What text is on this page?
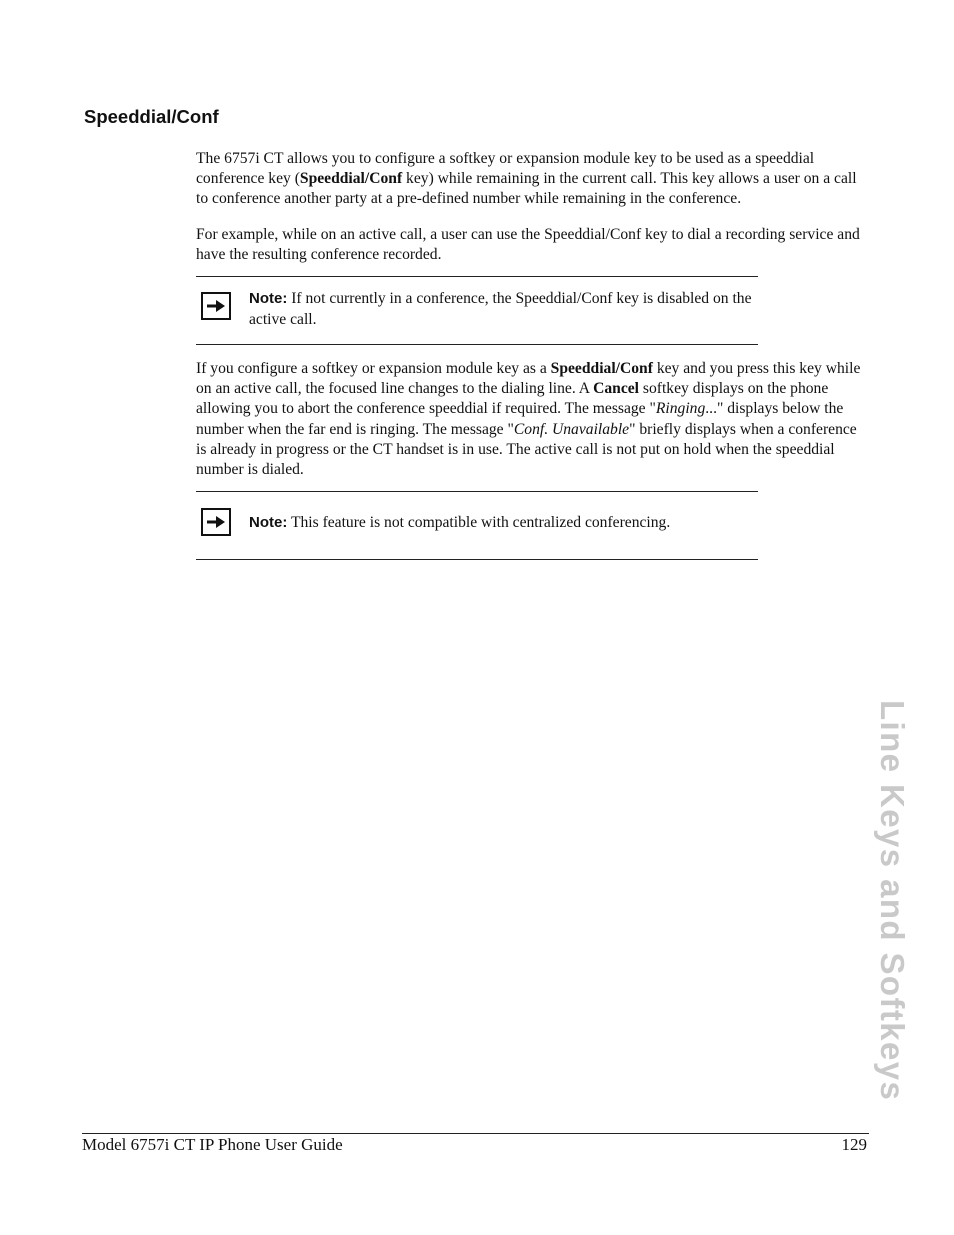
Speeddial/Conf

The 6757i CT allows you to configure a softkey or expansion module key to be used as a speeddial conference key (Speeddial/Conf key) while remaining in the current call. This key allows a user on a call to conference another party at a pre-defined number while remaining in the conference.

For example, while on an active call, a user can use the Speeddial/Conf key to dial a recording service and have the resulting conference recorded.

Note: If not currently in a conference, the Speeddial/Conf key is disabled on the active call.

If you configure a softkey or expansion module key as a Speeddial/Conf key and you press this key while on an active call, the focused line changes to the dialing line. A Cancel softkey displays on the phone allowing you to abort the conference speeddial if required. The message "Ringing..." displays below the number when the far end is ringing. The message "Conf. Unavailable" briefly displays when a conference is already in progress or the CT handset is in use. The active call is not put on hold when the speeddial number is dialed.

Note: This feature is not compatible with centralized conferencing.
Line Keys and Softkeys
Model 6757i CT IP Phone User Guide	129
